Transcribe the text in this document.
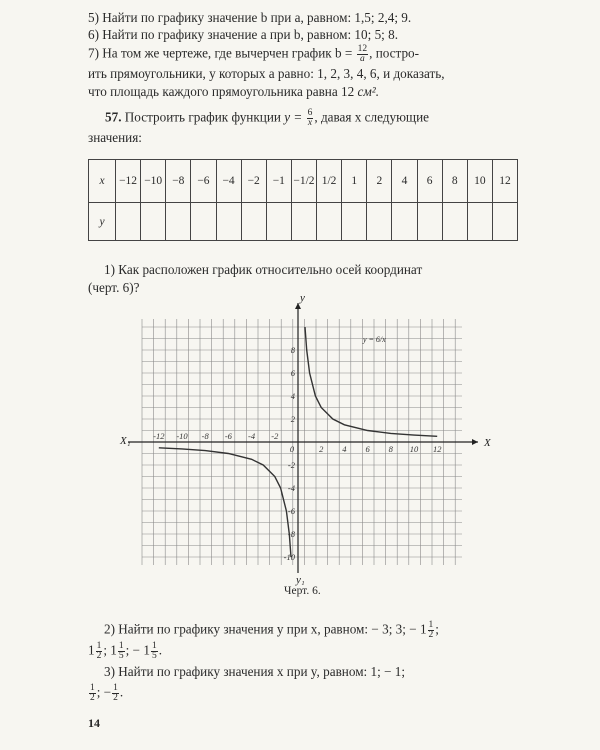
5) Найти по графику значение b при a, равном: 1,5; 2,4; 9.
6) Найти по графику значение a при b, равном: 10; 5; 8.
7) На том же чертеже, где вычерчен график $b = \frac{12}{a}$ , постро-
ить прямоугольники, у которых a равно: 1, 2, 3, 4, 6, и доказать,
что площадь каждого прямоугольника равна 12 см².
57. Построить график функции $y = \frac{6}{x}$ , давая x следующие
значения:
x	−12	−10	−8	−6	−4	−2	−1	−1/2	1/2	1	2	4	6	8	10	12
y																
1) Как расположен график относительно осей координат
(черт. 6)?
-12 -10 -8 -6 -4 -2
0	2 4 6 8 10 12
8
6
4
2
-2
-4
-6
-8
-10
X
X₁
y
y₁
y = 6/x
Черт. 6.
2) Найти по графику значения y при x, равном: − 3; 3; − $1 \frac{1}{2}$ ;
$1 \frac{1}{2}$ ; $1 \frac{1}{5}$ ; − $1 \frac{1}{5}$ .
3) Найти по графику значения x при y, равном: 1; − 1;
$\frac{1}{2}$ ; − $\frac{1}{2}$ .
14
